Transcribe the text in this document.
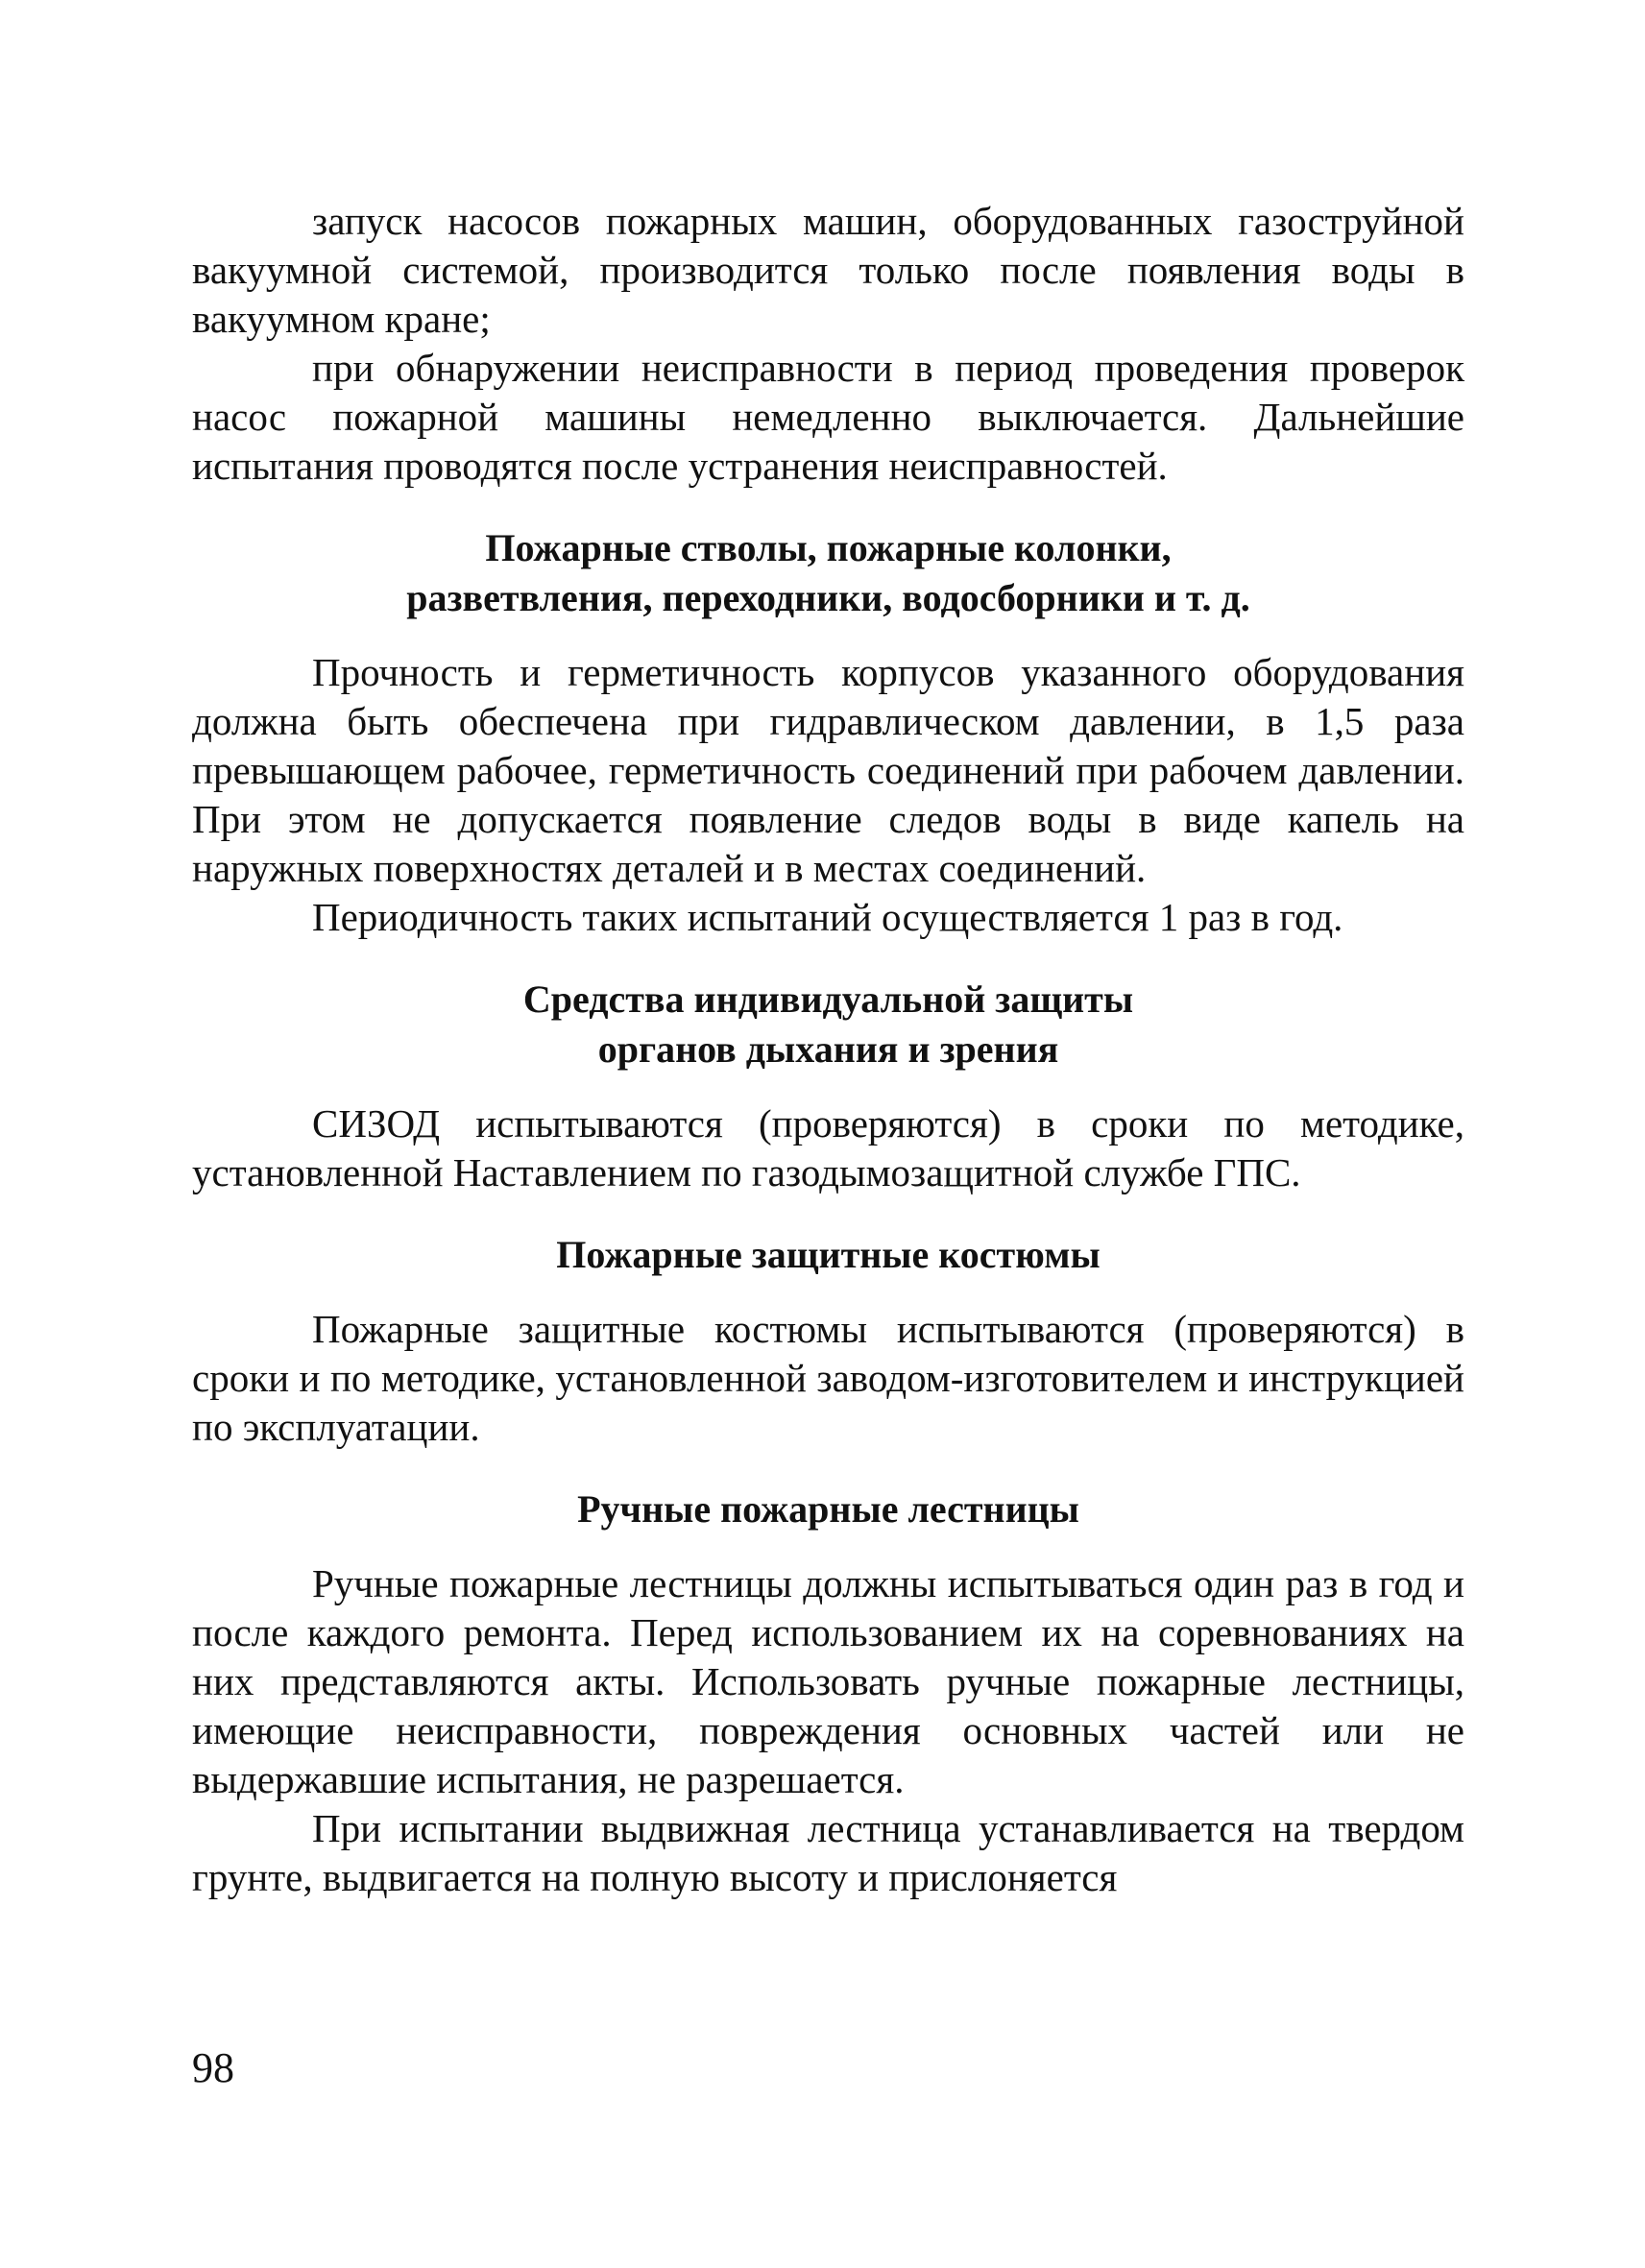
запуск насосов пожарных машин, оборудованных газоструйной вакуумной системой, производится только после появления воды в вакуумном кране;

при обнаружении неисправности в период проведения проверок насос пожарной машины немедленно выключается. Дальнейшие испытания проводятся после устранения неисправностей.

Пожарные стволы, пожарные колонки,
разветвления, переходники, водосборники и т. д.

Прочность и герметичность корпусов указанного оборудования должна быть обеспечена при гидравлическом давлении, в 1,5 раза превышающем рабочее, герметичность соединений при рабочем давлении. При этом не допускается появление следов воды в виде капель на наружных поверхностях деталей и в местах соединений.

Периодичность таких испытаний осуществляется 1 раз в год.

Средства индивидуальной защиты
органов дыхания и зрения

СИЗОД испытываются (проверяются) в сроки по методике, установленной Наставлением по газодымозащитной службе ГПС.

Пожарные защитные костюмы

Пожарные защитные костюмы испытываются (проверяются) в сроки и по методике, установленной заводом-изготовителем и инструкцией по эксплуатации.

Ручные пожарные лестницы

Ручные пожарные лестницы должны испытываться один раз в год и после каждого ремонта. Перед использованием их на соревнованиях на них представляются акты. Использовать ручные пожарные лестницы, имеющие неисправности, повреждения основных частей или не выдержавшие испытания, не разрешается.

При испытании выдвижная лестница устанавливается на твердом грунте, выдвигается на полную высоту и прислоняется

98
